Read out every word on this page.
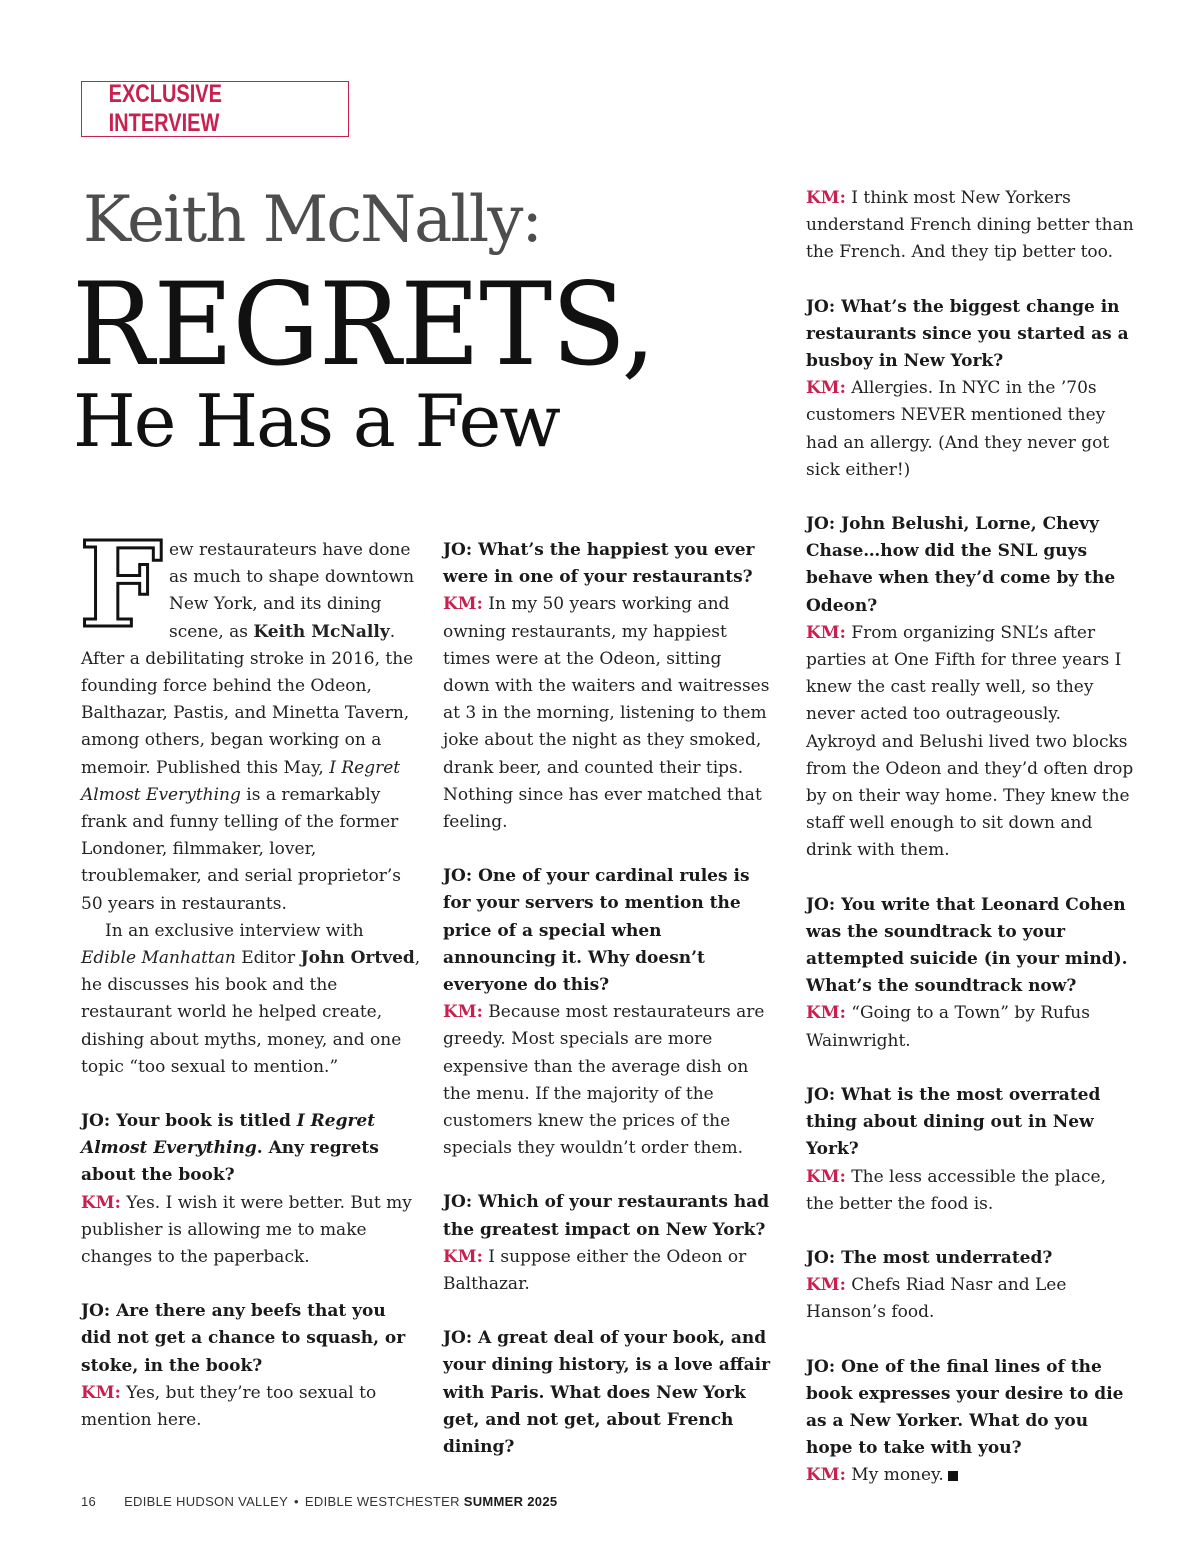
EXCLUSIVE INTERVIEW
Keith McNally:
REGRETS,
He Has a Few

Few restaurateurs have done as much to shape downtown New York, and its dining scene, as Keith McNally. After a debilitating stroke in 2016, the founding force behind the Odeon, Balthazar, Pastis, and Minetta Tavern, among others, began working on a memoir. Published this May, I Regret Almost Everything is a remarkably frank and funny telling of the former Londoner, filmmaker, lover, troublemaker, and serial proprietor’s 50 years in restaurants.

In an exclusive interview with Edible Manhattan Editor John Ortved, he discusses his book and the restaurant world he helped create, dishing about myths, money, and one topic “too sexual to mention.”

JO: Your book is titled I Regret Almost Everything. Any regrets about the book?

KM: Yes. I wish it were better. But my publisher is allowing me to make changes to the paperback.

JO: Are there any beefs that you did not get a chance to squash, or stoke, in the book?

KM: Yes, but they’re too sexual to mention here.

JO: What’s the happiest you ever were in one of your restaurants?

KM: In my 50 years working and owning restaurants, my happiest times were at the Odeon, sitting down with the waiters and waitresses at 3 in the morning, listening to them joke about the night as they smoked, drank beer, and counted their tips. Nothing since has ever matched that feeling.

JO: One of your cardinal rules is for your servers to mention the price of a special when announcing it. Why doesn’t everyone do this?

KM: Because most restaurateurs are greedy. Most specials are more expensive than the average dish on the menu. If the majority of the customers knew the prices of the specials they wouldn’t order them.

JO: Which of your restaurants had the greatest impact on New York?

KM: I suppose either the Odeon or Balthazar.

JO: A great deal of your book, and your dining history, is a love affair with Paris. What does New York get, and not get, about French dining?

KM: I think most New Yorkers understand French dining better than the French. And they tip better too.

JO: What’s the biggest change in restaurants since you started as a busboy in New York?

KM: Allergies. In NYC in the ’70s customers NEVER mentioned they had an allergy. (And they never got sick either!)

JO: John Belushi, Lorne, Chevy Chase…how did the SNL guys behave when they’d come by the Odeon?

KM: From organizing SNL’s after parties at One Fifth for three years I knew the cast really well, so they never acted too outrageously. Aykroyd and Belushi lived two blocks from the Odeon and they’d often drop by on their way home. They knew the staff well enough to sit down and drink with them.

JO: You write that Leonard Cohen was the soundtrack to your attempted suicide (in your mind). What’s the soundtrack now?

KM: “Going to a Town” by Rufus Wainwright.

JO: What is the most overrated thing about dining out in New York?

KM: The less accessible the place, the better the food is.

JO: The most underrated?

KM: Chefs Riad Nasr and Lee Hanson’s food.

JO: One of the final lines of the book expresses your desire to die as a New Yorker. What do you hope to take with you?

KM: My money.

16 EDIBLE HUDSON VALLEY • EDIBLE WESTCHESTER SUMMER 2025
